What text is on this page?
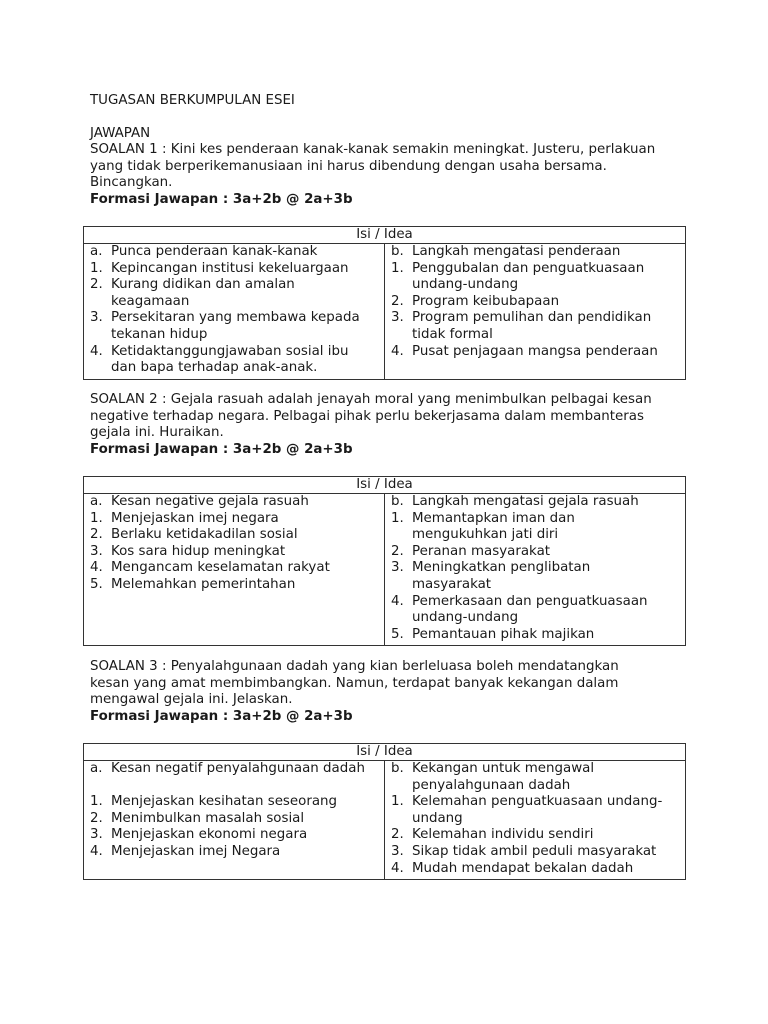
TUGASAN BERKUMPULAN ESEI

JAWAPAN

SOALAN 1 : Kini kes penderaan kanak-kanak semakin meningkat. Justeru, perlakuan

yang tidak berperikemanusiaan ini harus dibendung dengan usaha bersama.

Bincangkan.

Formasi Jawapan : 3a+2b @ 2a+3b

Isi / Idea

a. Punca penderaan kanak-kanak
1. Kepincangan institusi kekeluargaan
2. Kurang didikan dan amalan
keagamaan
3. Persekitaran yang membawa kepada
tekanan hidup
4. Ketidaktanggungjawaban sosial ibu
dan bapa terhadap anak-anak.

b. Langkah mengatasi penderaan
1. Penggubalan dan penguatkuasaan
undang-undang
2. Program keibubapaan
3. Program pemulihan dan pendidikan
tidak formal
4. Pusat penjagaan mangsa penderaan

SOALAN 2 : Gejala rasuah adalah jenayah moral yang menimbulkan pelbagai kesan

negative terhadap negara. Pelbagai pihak perlu bekerjasama dalam membanteras

gejala ini. Huraikan.

Formasi Jawapan : 3a+2b @ 2a+3b

Isi / Idea

a. Kesan negative gejala rasuah
1. Menjejaskan imej negara
2. Berlaku ketidakadilan sosial
3. Kos sara hidup meningkat
4. Mengancam keselamatan rakyat
5. Melemahkan pemerintahan

b. Langkah mengatasi gejala rasuah
1. Memantapkan iman dan
mengukuhkan jati diri
2. Peranan masyarakat
3. Meningkatkan penglibatan
masyarakat
4. Pemerkasaan dan penguatkuasaan
undang-undang
5. Pemantauan pihak majikan

SOALAN 3 : Penyalahgunaan dadah yang kian berleluasa boleh mendatangkan

kesan yang amat membimbangkan. Namun, terdapat banyak kekangan dalam

mengawal gejala ini. Jelaskan.

Formasi Jawapan : 3a+2b @ 2a+3b

Isi / Idea

a. Kesan negatif penyalahgunaan dadah
1. Menjejaskan kesihatan seseorang
2. Menimbulkan masalah sosial
3. Menjejaskan ekonomi negara
4. Menjejaskan imej Negara

b. Kekangan untuk mengawal
penyalahgunaan dadah
1. Kelemahan penguatkuasaan undang-
undang
2. Kelemahan individu sendiri
3. Sikap tidak ambil peduli masyarakat
4. Mudah mendapat bekalan dadah
